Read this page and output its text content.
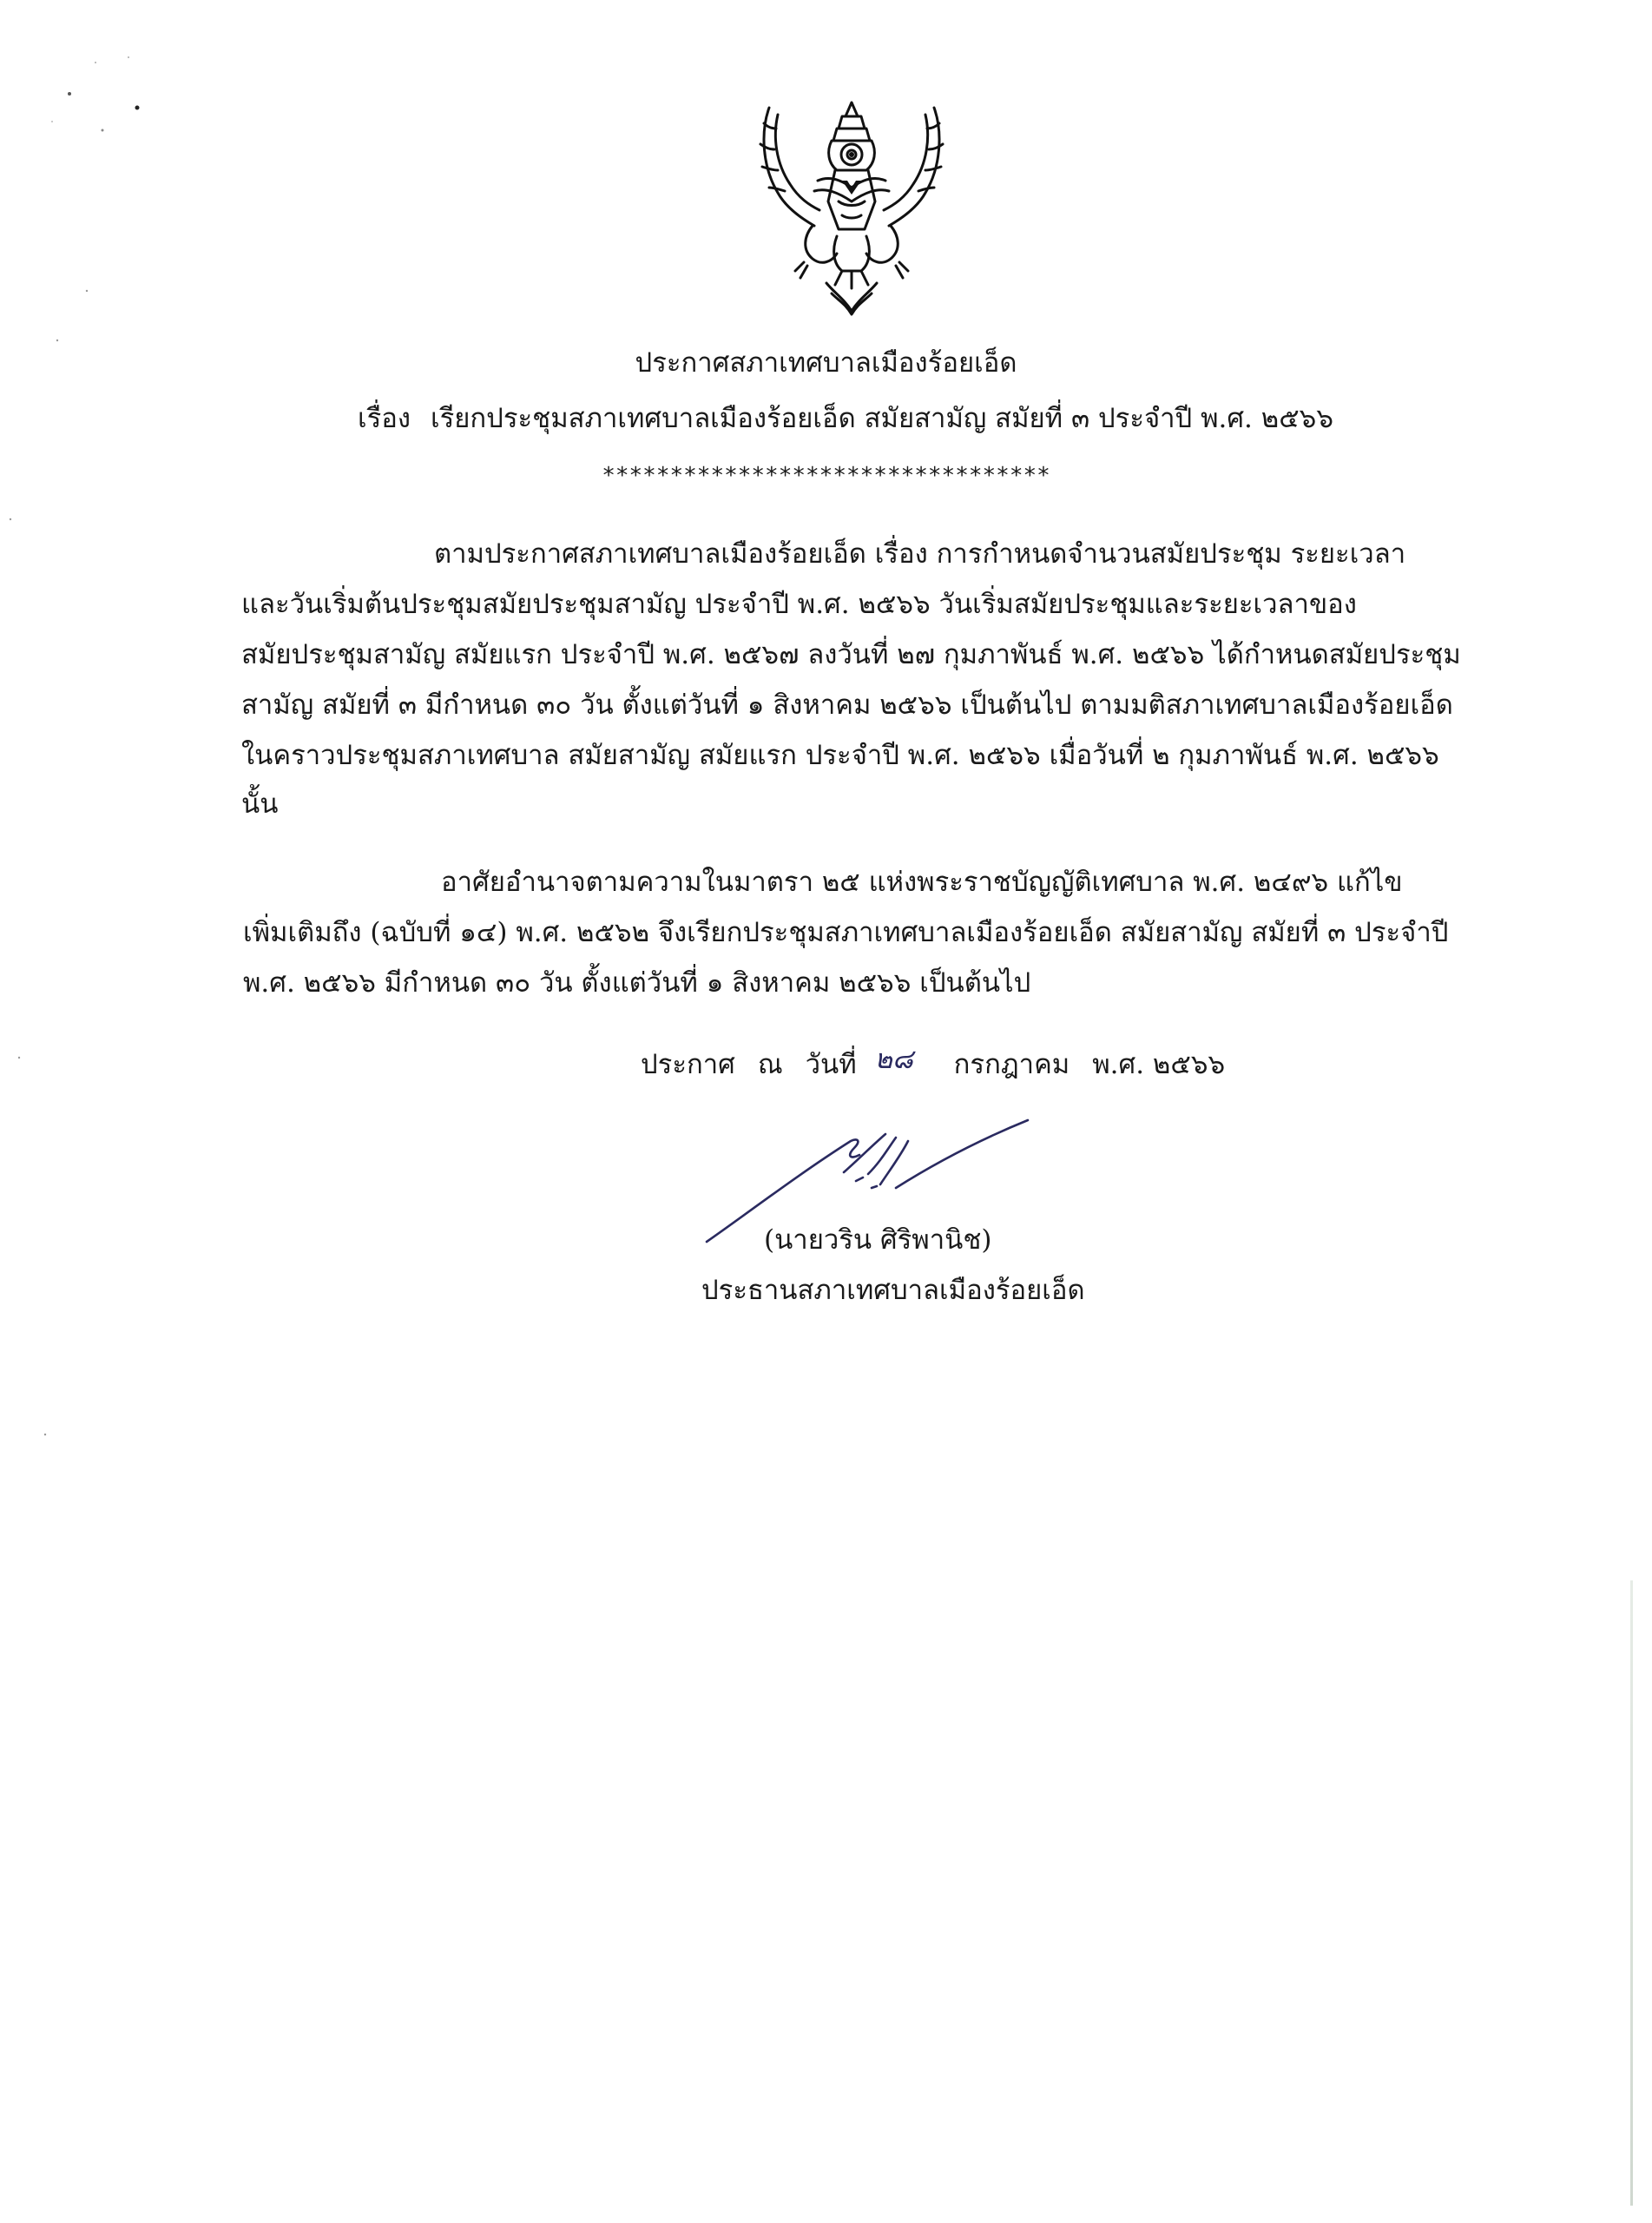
ประกาศสภาเทศบาลเมืองร้อยเอ็ด
เรื่อง เรียกประชุมสภาเทศบาลเมืองร้อยเอ็ด สมัยสามัญ สมัยที่ ๓ ประจำปี พ.ศ. ๒๕๖๖
*********************************
ตามประกาศสภาเทศบาลเมืองร้อยเอ็ด เรื่อง การกำหนดจำนวนสมัยประชุม ระยะเวลา
และวันเริ่มต้นประชุมสมัยประชุมสามัญ ประจำปี พ.ศ. ๒๕๖๖ วันเริ่มสมัยประชุมและระยะเวลาของ
สมัยประชุมสามัญ สมัยแรก ประจำปี พ.ศ. ๒๕๖๗ ลงวันที่ ๒๗ กุมภาพันธ์ พ.ศ. ๒๕๖๖ ได้กำหนดสมัยประชุม
สามัญ สมัยที่ ๓ มีกำหนด ๓๐ วัน ตั้งแต่วันที่ ๑ สิงหาคม ๒๕๖๖ เป็นต้นไป ตามมติสภาเทศบาลเมืองร้อยเอ็ด
ในคราวประชุมสภาเทศบาล สมัยสามัญ สมัยแรก ประจำปี พ.ศ. ๒๕๖๖ เมื่อวันที่ ๒ กุมภาพันธ์ พ.ศ. ๒๕๖๖
นั้น
อาศัยอำนาจตามความในมาตรา ๒๕ แห่งพระราชบัญญัติเทศบาล พ.ศ. ๒๔๙๖ แก้ไข
เพิ่มเติมถึง (ฉบับที่ ๑๔) พ.ศ. ๒๕๖๒ จึงเรียกประชุมสภาเทศบาลเมืองร้อยเอ็ด สมัยสามัญ สมัยที่ ๓ ประจำปี
พ.ศ. ๒๕๖๖ มีกำหนด ๓๐ วัน ตั้งแต่วันที่ ๑ สิงหาคม ๒๕๖๖ เป็นต้นไป
ประกาศ ณ วันที่ ๒๘ กรกฎาคม พ.ศ. ๒๕๖๖
(นายวริน ศิริพานิช)
ประธานสภาเทศบาลเมืองร้อยเอ็ด
